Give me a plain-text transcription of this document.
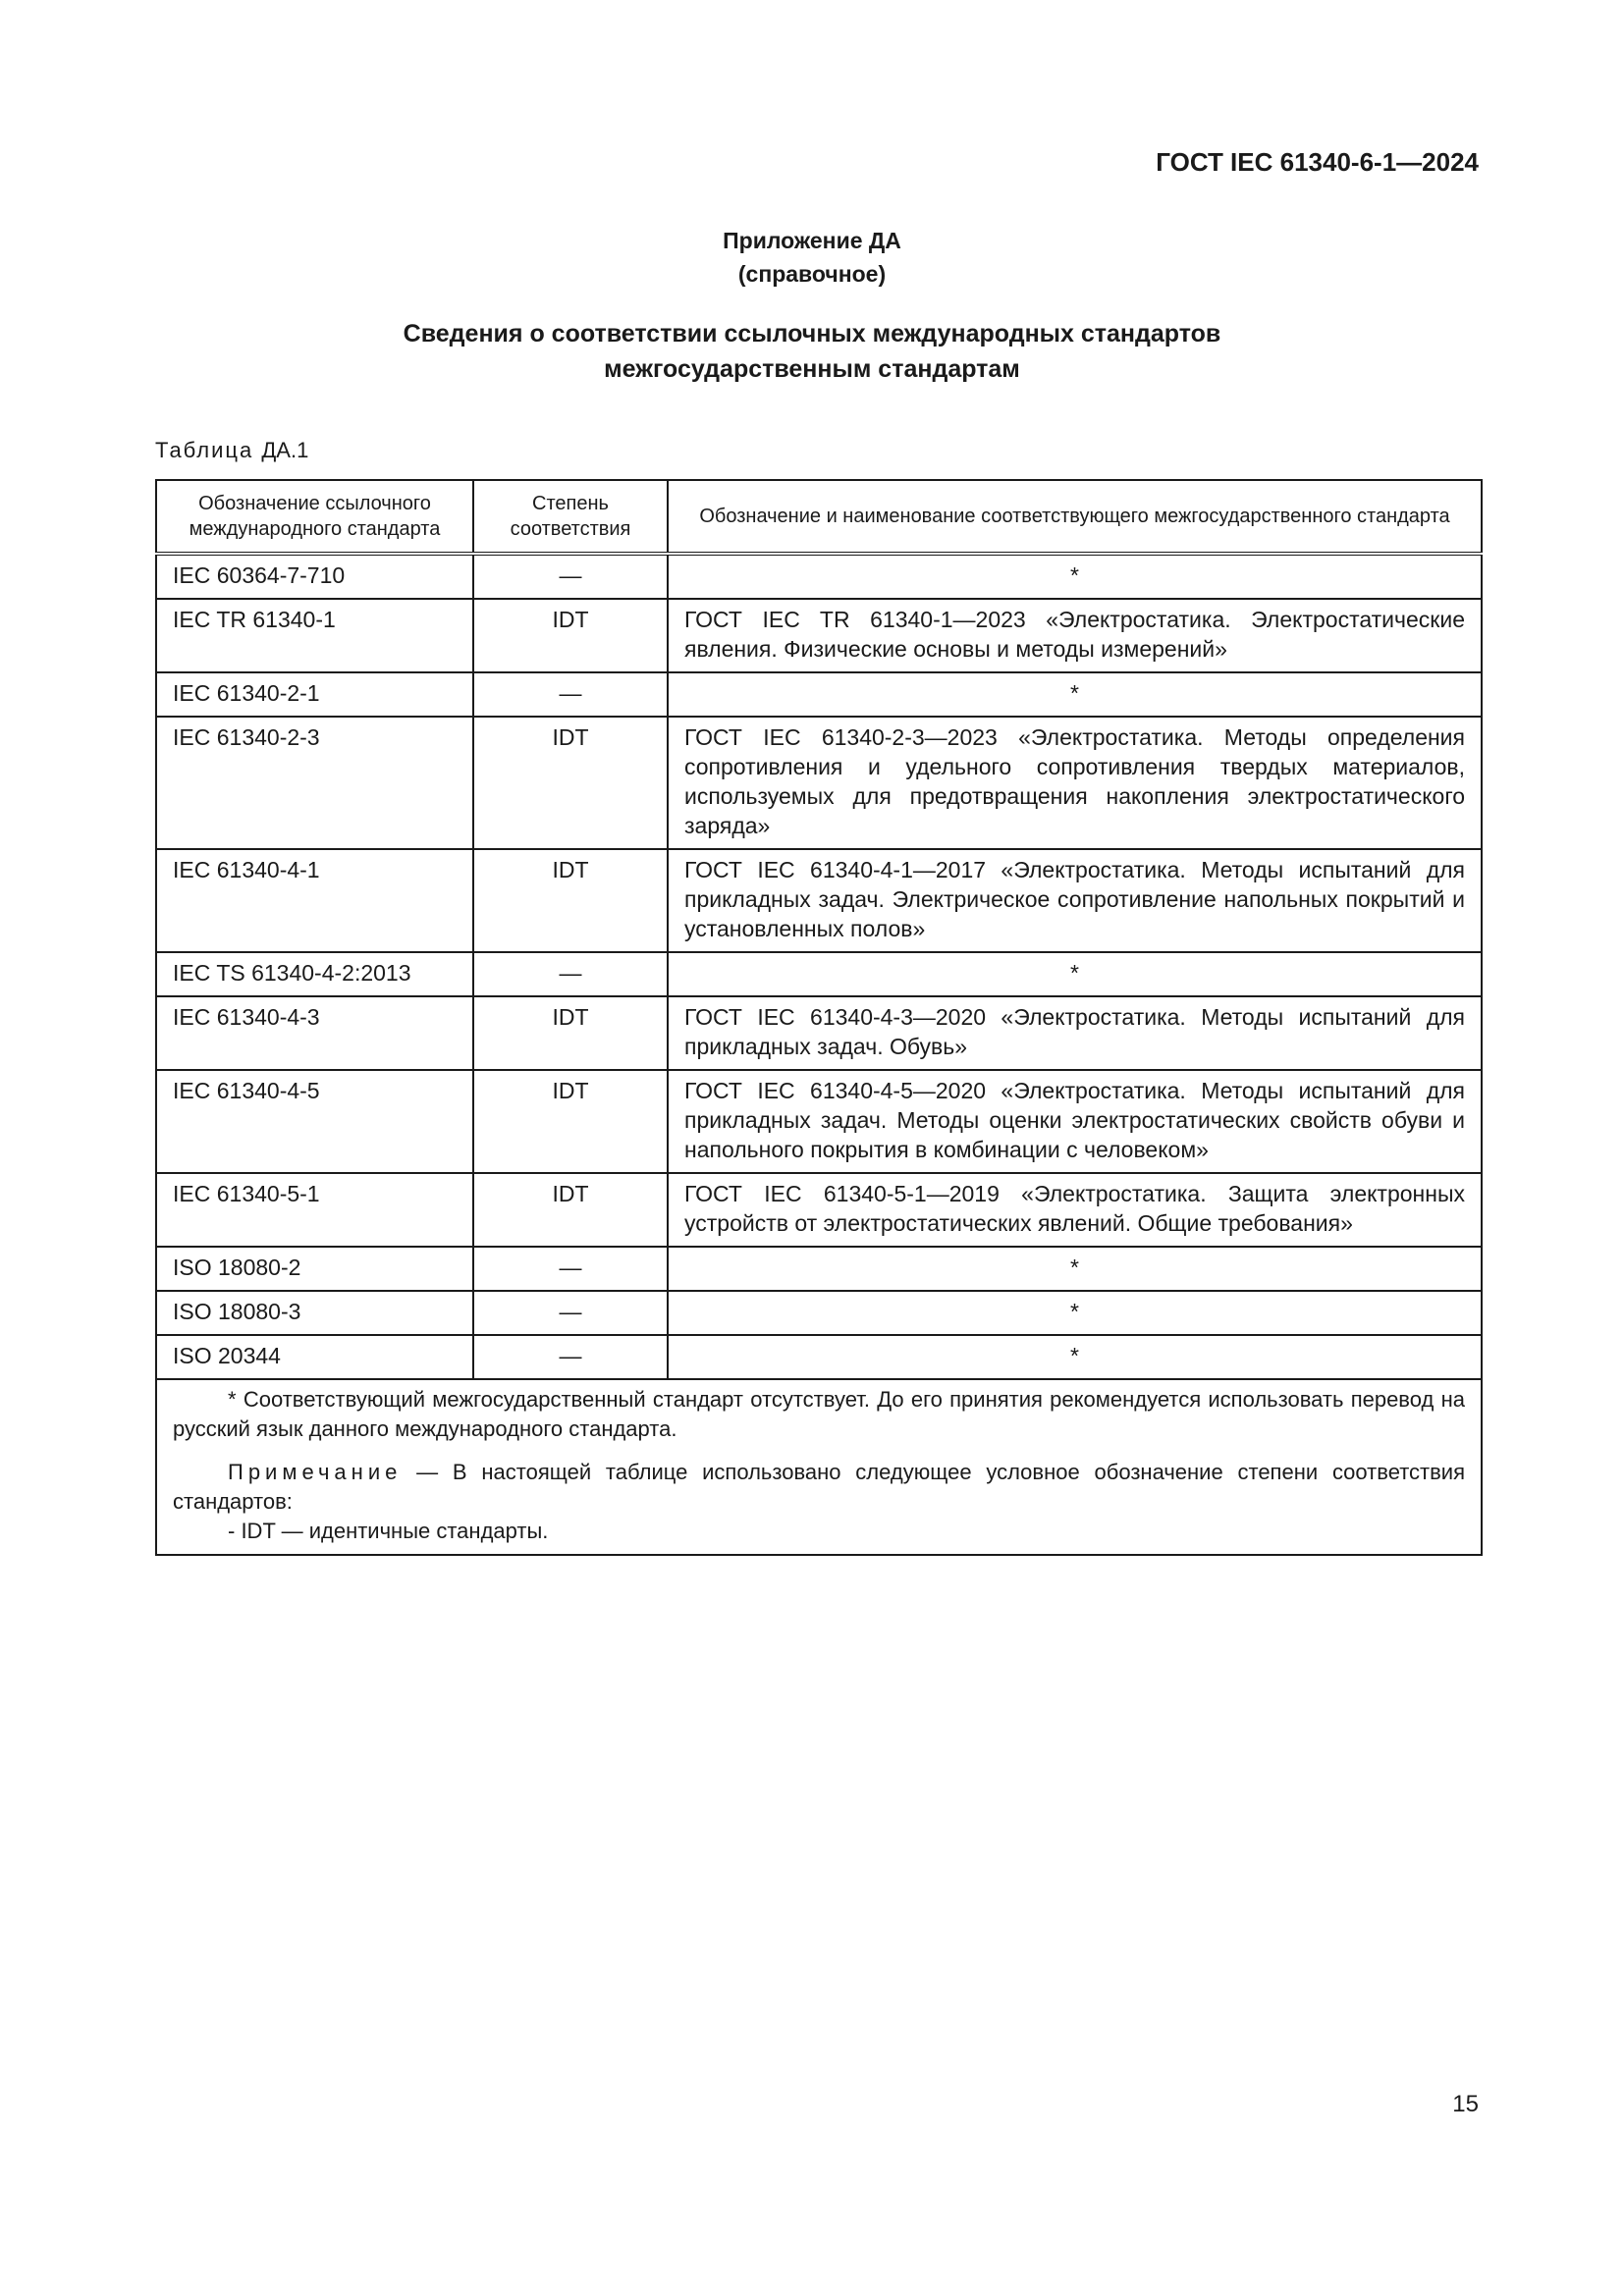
ГОСТ IEC 61340-6-1—2024
Приложение ДА
(справочное)
Сведения о соответствии ссылочных международных стандартов
межгосударственным стандартам
Таблица ДА.1
Обозначение ссылочного международного стандарта	Степень соответствия	Обозначение и наименование соответствующего межгосударственного стандарта
IEC 60364-7-710	—	*
IEC TR 61340-1	IDT	ГОСТ IEC TR 61340-1—2023 «Электростатика. Электростатические явления. Физические основы и методы измерений»
IEC 61340-2-1	—	*
IEC 61340-2-3	IDT	ГОСТ IEC 61340-2-3—2023 «Электростатика. Методы определения сопротивления и удельного сопротивления твердых материалов, используемых для предотвращения накопления электростатического заряда»
IEC 61340-4-1	IDT	ГОСТ IEC 61340-4-1—2017 «Электростатика. Методы испытаний для прикладных задач. Электрическое сопротивление напольных покрытий и установленных полов»
IEC TS 61340-4-2:2013	—	*
IEC 61340-4-3	IDT	ГОСТ IEC 61340-4-3—2020 «Электростатика. Методы испытаний для прикладных задач. Обувь»
IEC 61340-4-5	IDT	ГОСТ IEC 61340-4-5—2020 «Электростатика. Методы испытаний для прикладных задач. Методы оценки электростатических свойств обуви и напольного покрытия в комбинации с человеком»
IEC 61340-5-1	IDT	ГОСТ IEC 61340-5-1—2019 «Электростатика. Защита электронных устройств от электростатических явлений. Общие требования»
ISO 18080-2	—	*
ISO 18080-3	—	*
ISO 20344	—	*

* Соответствующий межгосударственный стандарт отсутствует. До его принятия рекомендуется использовать перевод на русский язык данного международного стандарта.

Примечание — В настоящей таблице использовано следующее условное обозначение степени соответствия стандартов:

- IDT — идентичные стандарты.		

15
